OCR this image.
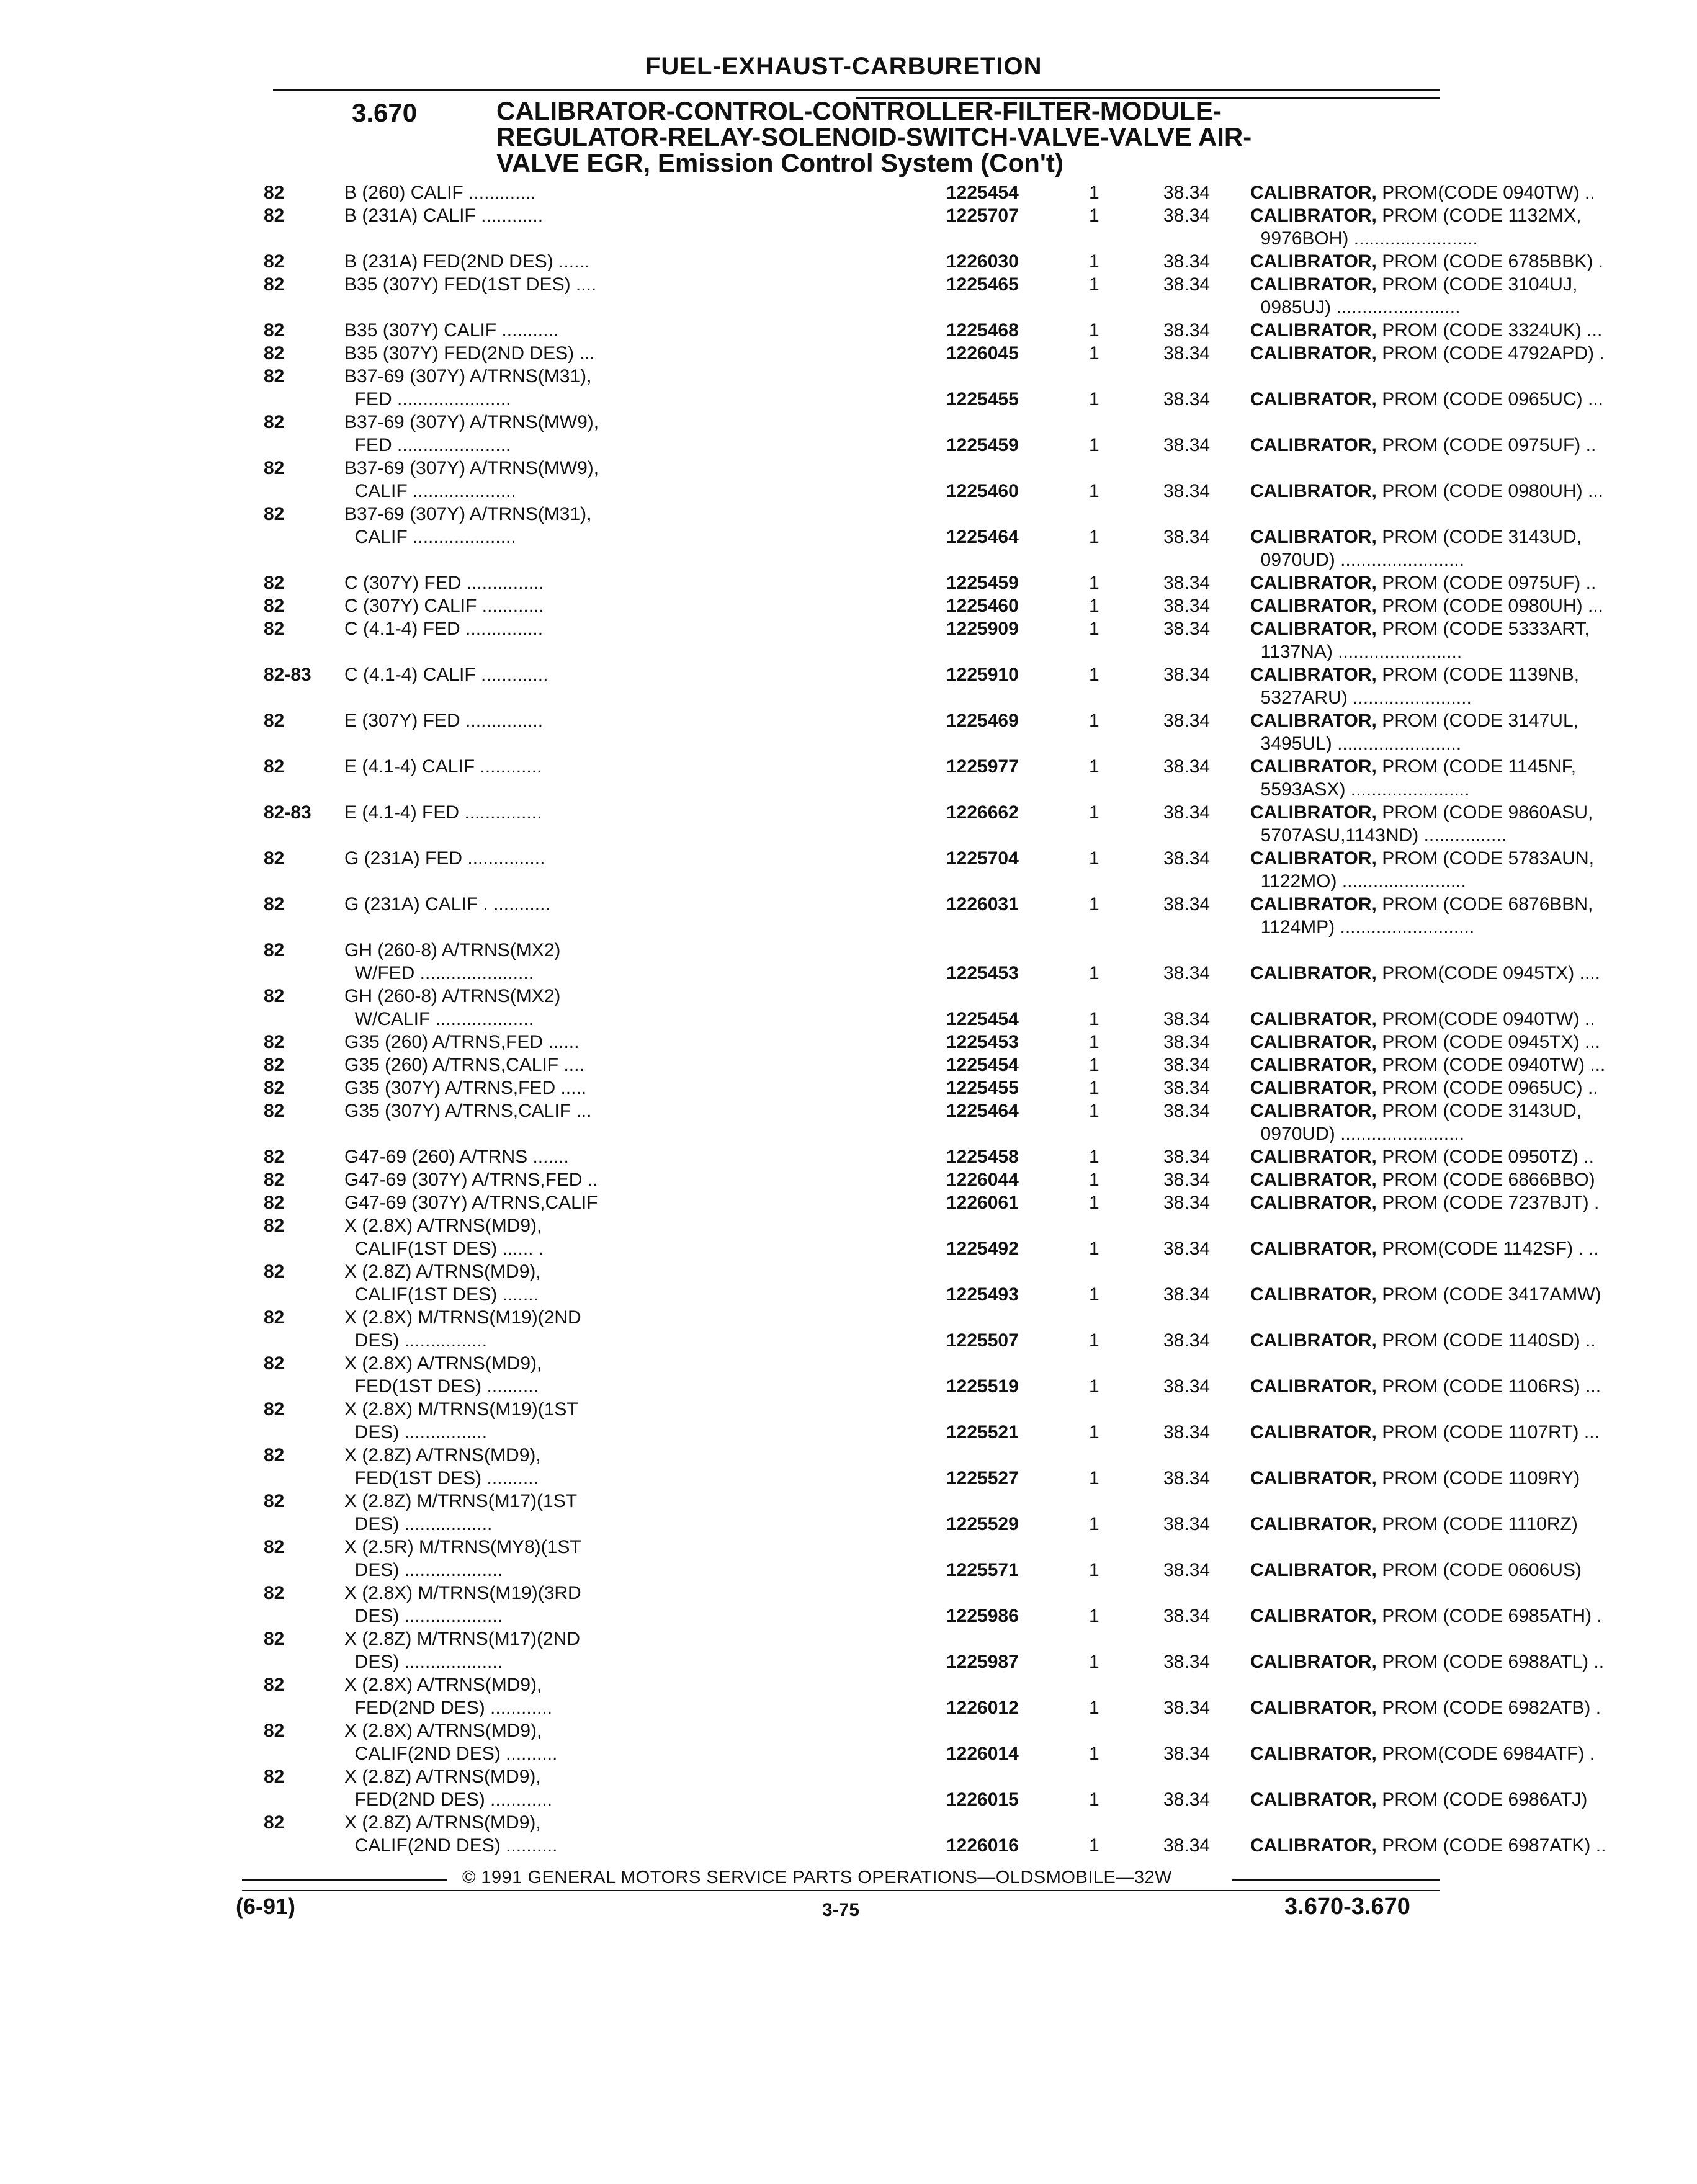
FUEL-EXHAUST-CARBURETION
3.670	CALIBRATOR-CONTROL-CONTROLLER-FILTER-MODULE-
REGULATOR-RELAY-SOLENOID-SWITCH-VALVE-VALVE AIR-
VALVE EGR, Emission Control System (Con't)
82	B (260) CALIF .............	1225454	1	38.34 CALIBRATOR, PROM(CODE 0940TW) ..
82	B (231A) CALIF ............	1225707	1	38.34 CALIBRATOR, PROM (CODE 1132MX,
9976BOH) ........................
82	B (231A) FED(2ND DES) ......	1226030	1	38.34 CALIBRATOR, PROM (CODE 6785BBK) .
82	B35 (307Y) FED(1ST DES) ....	1225465	1	38.34 CALIBRATOR, PROM (CODE 3104UJ,
0985UJ) ........................
82	B35 (307Y) CALIF ...........	1225468	1	38.34 CALIBRATOR, PROM (CODE 3324UK) ...
82	B35 (307Y) FED(2ND DES) ...	1226045	1	38.34 CALIBRATOR, PROM (CODE 4792APD) .
82	B37-69 (307Y) A/TRNS(M31),
FED ......................	1225455	1	38.34 CALIBRATOR, PROM (CODE 0965UC) ...
82	B37-69 (307Y) A/TRNS(MW9),
FED ......................	1225459	1	38.34 CALIBRATOR, PROM (CODE 0975UF) ..
82	B37-69 (307Y) A/TRNS(MW9),
CALIF ....................	1225460	1	38.34 CALIBRATOR, PROM (CODE 0980UH) ...
82	B37-69 (307Y) A/TRNS(M31),
CALIF ....................	1225464	1	38.34 CALIBRATOR, PROM (CODE 3143UD,
0970UD) ........................
82	C (307Y) FED ...............	1225459	1	38.34 CALIBRATOR, PROM (CODE 0975UF) ..
82	C (307Y) CALIF ............	1225460	1	38.34 CALIBRATOR, PROM (CODE 0980UH) ...
82	C (4.1-4) FED ...............	1225909	1	38.34 CALIBRATOR, PROM (CODE 5333ART,
1137NA) ........................
82-83 C (4.1-4) CALIF .............	1225910	1	38.34 CALIBRATOR, PROM (CODE 1139NB,
5327ARU) .......................
82	E (307Y) FED ...............	1225469	1	38.34 CALIBRATOR, PROM (CODE 3147UL,
3495UL) ........................
82	E (4.1-4) CALIF ............	1225977	1	38.34 CALIBRATOR, PROM (CODE 1145NF,
5593ASX) .......................
82-83 E (4.1-4) FED ...............	1226662	1	38.34 CALIBRATOR, PROM (CODE 9860ASU,
5707ASU,1143ND) ................
82	G (231A) FED ...............	1225704	1	38.34 CALIBRATOR, PROM (CODE 5783AUN,
1122MO) ........................
82	G (231A) CALIF . ...........	1226031	1	38.34 CALIBRATOR, PROM (CODE 6876BBN,
1124MP) ..........................
82	GH (260-8) A/TRNS(MX2)
W/FED ......................	1225453	1	38.34 CALIBRATOR, PROM(CODE 0945TX) ....
82	GH (260-8) A/TRNS(MX2)
W/CALIF ...................	1225454	1	38.34 CALIBRATOR, PROM(CODE 0940TW) ..
82	G35 (260) A/TRNS,FED ......	1225453	1	38.34 CALIBRATOR, PROM (CODE 0945TX) ...
82	G35 (260) A/TRNS,CALIF ....	1225454	1	38.34 CALIBRATOR, PROM (CODE 0940TW) ...
82	G35 (307Y) A/TRNS,FED .....	1225455	1	38.34 CALIBRATOR, PROM (CODE 0965UC) ..
82	G35 (307Y) A/TRNS,CALIF ...	1225464	1	38.34 CALIBRATOR, PROM (CODE 3143UD,
0970UD) ........................
82	G47-69 (260) A/TRNS .......	1225458	1	38.34 CALIBRATOR, PROM (CODE 0950TZ) ..
82	G47-69 (307Y) A/TRNS,FED ..	1226044	1	38.34 CALIBRATOR, PROM (CODE 6866BBO)
82	G47-69 (307Y) A/TRNS,CALIF	1226061	1	38.34 CALIBRATOR, PROM (CODE 7237BJT) .
82	X (2.8X) A/TRNS(MD9),
CALIF(1ST DES) ...... .	1225492	1	38.34 CALIBRATOR, PROM(CODE 1142SF) . ..
82	X (2.8Z) A/TRNS(MD9),
CALIF(1ST DES) .......	1225493	1	38.34 CALIBRATOR, PROM (CODE 3417AMW)
82	X (2.8X) M/TRNS(M19)(2ND
DES) ................	1225507	1	38.34 CALIBRATOR, PROM (CODE 1140SD) ..
82	X (2.8X) A/TRNS(MD9),
FED(1ST DES) ..........	1225519	1	38.34 CALIBRATOR, PROM (CODE 1106RS) ...
82	X (2.8X) M/TRNS(M19)(1ST
DES) ................	1225521	1	38.34 CALIBRATOR, PROM (CODE 1107RT) ...
82	X (2.8Z) A/TRNS(MD9),
FED(1ST DES) ..........	1225527	1	38.34 CALIBRATOR, PROM (CODE 1109RY)
82	X (2.8Z) M/TRNS(M17)(1ST
DES) .................	1225529	1	38.34 CALIBRATOR, PROM (CODE 1110RZ)
82	X (2.5R) M/TRNS(MY8)(1ST
DES) ...................	1225571	1	38.34 CALIBRATOR, PROM (CODE 0606US)
82	X (2.8X) M/TRNS(M19)(3RD
DES) ...................	1225986	1	38.34 CALIBRATOR, PROM (CODE 6985ATH) .
82	X (2.8Z) M/TRNS(M17)(2ND
DES) ...................	1225987	1	38.34 CALIBRATOR, PROM (CODE 6988ATL) ..
82	X (2.8X) A/TRNS(MD9),
FED(2ND DES) ............	1226012	1	38.34 CALIBRATOR, PROM (CODE 6982ATB) .
82	X (2.8X) A/TRNS(MD9),
CALIF(2ND DES) ..........	1226014	1	38.34 CALIBRATOR, PROM(CODE 6984ATF) .
82	X (2.8Z) A/TRNS(MD9),
FED(2ND DES) ............	1226015	1	38.34 CALIBRATOR, PROM (CODE 6986ATJ)
82	X (2.8Z) A/TRNS(MD9),
CALIF(2ND DES) ..........	1226016	1	38.34 CALIBRATOR, PROM (CODE 6987ATK) ..
© 1991 GENERAL MOTORS SERVICE PARTS OPERATIONS—OLDSMOBILE—32W
(6-91)	3-75	3.670-3.670
